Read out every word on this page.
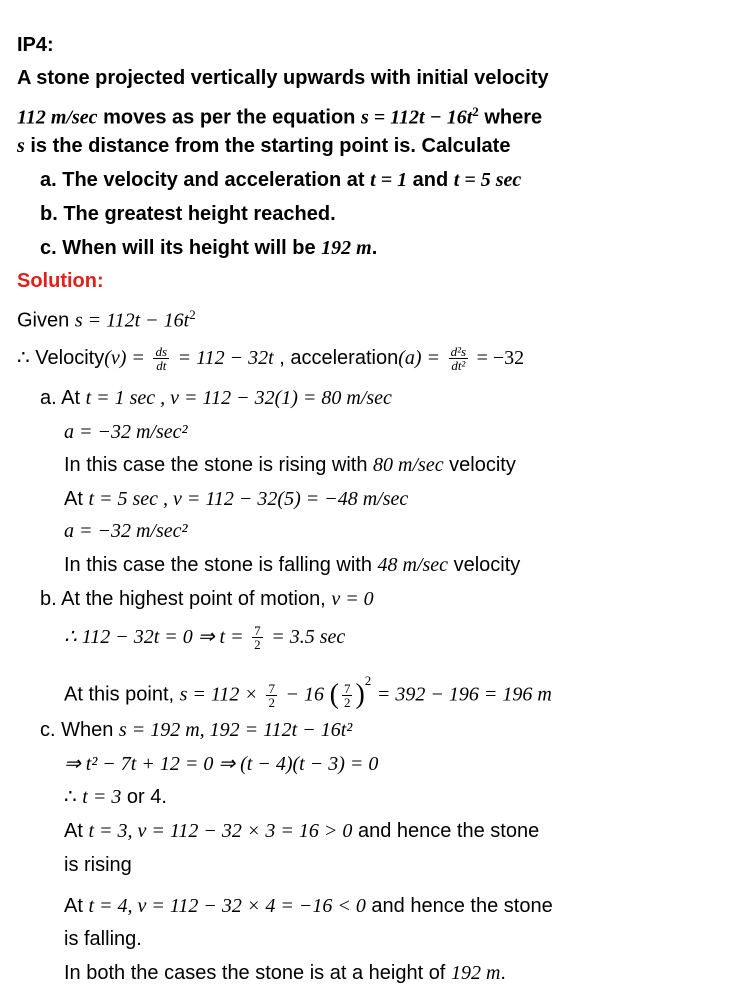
IP4:
A stone projected vertically upwards with initial velocity
112 m/sec moves as per the equation $s = 112t - 16t^2$ where
s is the distance from the starting point is. Calculate
a. The velocity and acceleration at t = 1 and t = 5 sec
b. The greatest height reached.
c. When will its height will be 192 m.
Solution:
Given $s = 112t - 16t^2$
∴ Velocity(v) = $\frac{ds}{dt} = 112 - 32t$ , acceleration(a) = $\frac{\text{d²s}}{\text{dt²}} = -32$
a. At t = 1 sec , v = 112 − 32(1) = 80 m/sec
a = −32 m/sec²
In this case the stone is rising with 80 m/sec velocity
At t = 5 sec , v = 112 − 32(5) = −48 m/sec
a = −32 m/sec²
In this case the stone is falling with 48 m/sec velocity
b. At the highest point of motion, v = 0
∴ 112 − 32t = 0 ⇒ $t = \frac{7}{2} = 3.5$ sec
At this point, $s = 112 \times \frac{7}{2} - 16$ ( $\frac{7}{2} )^2 = 392 - 196 = 196$ m
c. When s = 192 m, 192 = 112t − 16t²
⇒ t² − 7t + 12 = 0 ⇒ (t − 4)(t − 3) = 0
∴ t = 3 or 4.
At t = 3, v = 112 − 32 × 3 = 16 > 0 and hence the stone
is rising
At t = 4, v = 112 − 32 × 4 = −16 < 0 and hence the stone
is falling.
In both the cases the stone is at a height of 192 m.
